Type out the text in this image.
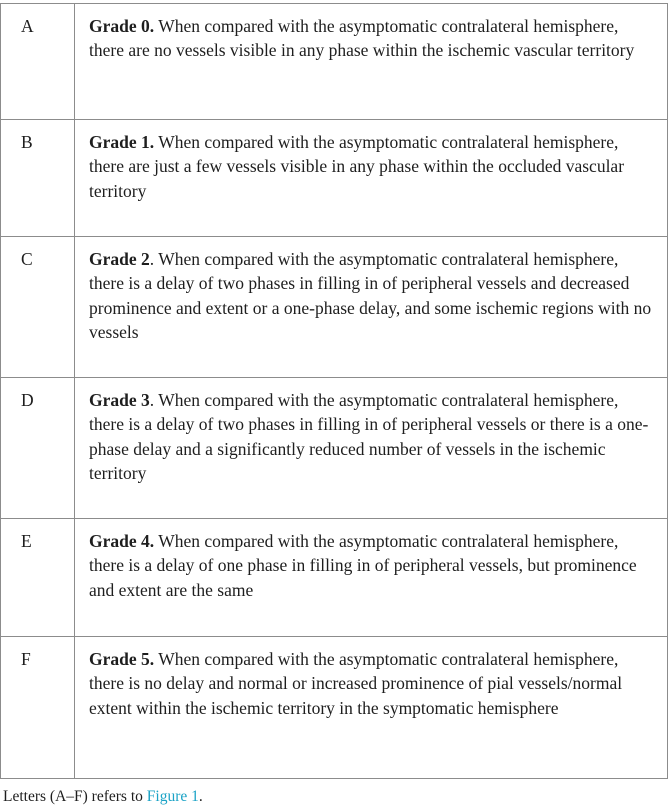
A	Grade 0. When compared with the asymptomatic contralateral hemisphere, there are no vessels visible in any phase within the ischemic vascular territory
B	Grade 1. When compared with the asymptomatic contralateral hemisphere, there are just a few vessels visible in any phase within the occluded vascular territory
C	Grade 2. When compared with the asymptomatic contralateral hemisphere, there is a delay of two phases in filling in of peripheral vessels and decreased prominence and extent or a one-phase delay, and some ischemic regions with no vessels
D	Grade 3. When compared with the asymptomatic contralateral hemisphere, there is a delay of two phases in filling in of peripheral vessels or there is a one-phase delay and a significantly reduced number of vessels in the ischemic territory
E	Grade 4. When compared with the asymptomatic contralateral hemisphere, there is a delay of one phase in filling in of peripheral vessels, but prominence and extent are the same
F	Grade 5. When compared with the asymptomatic contralateral hemisphere, there is no delay and normal or increased prominence of pial vessels/normal extent within the ischemic territory in the symptomatic hemisphere
Letters (A–F) refers to Figure 1.
